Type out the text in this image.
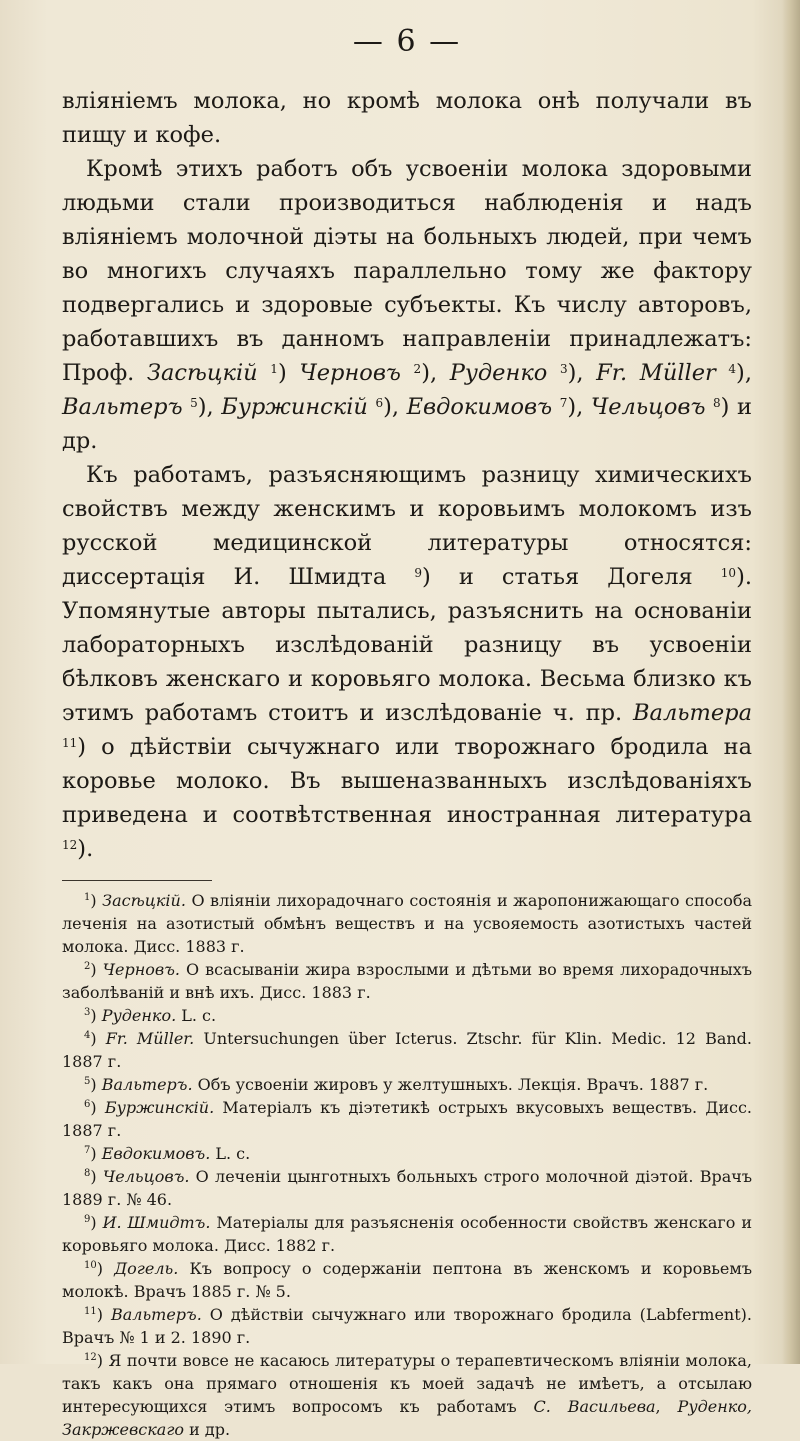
— 6 —

вліяніемъ молока, но кромѣ молока онѣ получали въ пищу и кофе.

Кромѣ этихъ работъ объ усвоеніи молока здоровыми людьми стали производиться наблюденія и надъ вліяніемъ молочной діэты на больныхъ людей, при чемъ во многихъ случаяхъ параллельно тому же фактору подвергались и здоровые субъекты. Къ числу авторовъ, работавшихъ въ данномъ направленіи принадлежатъ: Проф. Засѣцкій $^1$) Черновъ $^2$), Руденко $^3$), Fr. Müller $^4$), Вальтеръ $^5$), Буржинскій $^6$), Евдокимовъ $^7$), Чельцовъ $^8$) и др.

Къ работамъ, разъясняющимъ разницу химическихъ свойствъ между женскимъ и коровьимъ молокомъ изъ русской медицинской литературы относятся: диссертація И. Шмидта $^9$) и статья Догеля $^{10}$). Упомянутые авторы пытались, разъяснить на основаніи лабораторныхъ изслѣдованій разницу въ усвоеніи бѣлковъ женскаго и коровьяго молока. Весьма близко къ этимъ работамъ стоитъ и изслѣдованіе ч. пр. Вальтера $^{11}$) о дѣйствіи сычужнаго или творожнаго бродила на коровье молоко. Въ вышеназванныхъ изслѣдованіяхъ приведена и соотвѣтственная иностранная литература $^{12}$).

$^1$) Засѣцкій. О вліяніи лихорадочнаго состоянія и жаропонижающаго способа леченія на азотистый обмѣнъ веществъ и на усвояемость азотистыхъ частей молока. Дисс. 1883 г.

$^2$) Черновъ. О всасываніи жира взрослыми и дѣтьми во время лихорадочныхъ заболѣваній и внѣ ихъ. Дисс. 1883 г.

$^3$) Руденко. L. c.

$^4$) Fr. Müller. Untersuchungen über Icterus. Ztschr. für Klin. Medic. 12 Band. 1887 г.

$^5$) Вальтеръ. Объ усвоеніи жировъ у желтушныхъ. Лекція. Врачъ. 1887 г.

$^6$) Буржинскій. Матеріалъ къ діэтетикѣ острыхъ вкусовыхъ веществъ. Дисс. 1887 г.

$^7$) Евдокимовъ. L. c.

$^8$) Чельцовъ. О леченіи цынготныхъ больныхъ строго молочной діэтой. Врачъ 1889 г. № 46.

$^9$) И. Шмидтъ. Матеріалы для разъясненія особенности свойствъ женскаго и коровьяго молока. Дисс. 1882 г.

$^{10}$) Догель. Къ вопросу о содержаніи пептона въ женскомъ и коровьемъ молокѣ. Врачъ 1885 г. № 5.

$^{11}$) Вальтеръ. О дѣйствіи сычужнаго или творожнаго бродила (Labferment). Врачъ № 1 и 2. 1890 г.

$^{12}$) Я почти вовсе не касаюсь литературы о терапевтическомъ вліяніи молока, такъ какъ она прямаго отношенія къ моей задачѣ не имѣетъ, а отсылаю интересующихся этимъ вопросомъ къ работамъ С. Васильева, Руденко, Закржевскаго и др.
